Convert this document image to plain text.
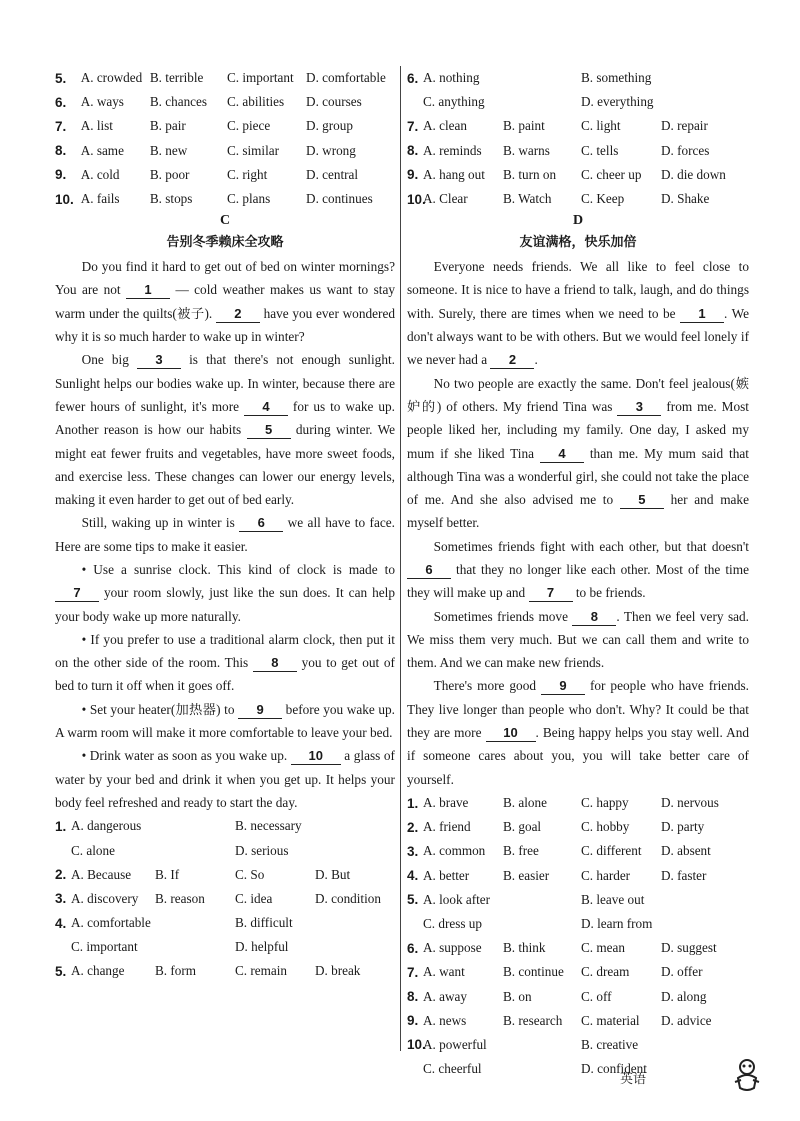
5.	A. crowded B. terrible	C. important D. comfortable
6.	A. ways	B. chances	C. abilities	D. courses
7.	A. list	B. pair	C. piece	D. group
8.	A. same	B. new	C. similar	D. wrong
9.	A. cold	B. poor	C. right	D. central
10. A. fails	B. stops	C. plans	D. continues
C
告别冬季赖床全攻略

Do you find it hard to get out of bed on winter mornings? You are not 1 — cold weather makes us want to stay warm under the quilts(被子). 2 have you ever wondered why it is so much harder to wake up in winter?

One big 3 is that there's not enough sunlight. Sunlight helps our bodies wake up. In winter, because there are fewer hours of sunlight, it's more 4 for us to wake up. Another reason is how our habits 5 during winter. We might eat fewer fruits and vegetables, have more sweet foods, and exercise less. These changes can lower our energy levels, making it even harder to get out of bed early.

Still, waking up in winter is 6 we all have to face. Here are some tips to make it easier.

• Use a sunrise clock. This kind of clock is made to 7 your room slowly, just like the sun does. It can help your body wake up more naturally.

• If you prefer to use a traditional alarm clock, then put it on the other side of the room. This 8 you to get out of bed to turn it off when it goes off.

• Set your heater(加热器) to 9 before you wake up. A warm room will make it more comfortable to leave your bed.

• Drink water as soon as you wake up. 10 a glass of water by your bed and drink it when you get up. It helps your body feel refreshed and ready to start the day.

1. A. dangerous	B. necessary
C. alone	D. serious
2. A. Because	B. If	C. So	D. But
3. A. discovery	B. reason	C. idea	D. condition
4. A. comfortable	B. difficult
C. important	D. helpful
5. A. change	B. form	C. remain	D. break
6. A. nothing	B. something
C. anything	D. everything
7. A. clean	B. paint	C. light	D. repair
8. A. reminds	B. warns	C. tells	D. forces
9. A. hang out	B. turn on	C. cheer up	D. die down
10.
A. Clear	B. Watch	C. Keep	D. Shake
D
友谊满格，快乐加倍

Everyone needs friends. We all like to feel close to someone. It is nice to have a friend to talk, laugh, and do things with. Surely, there are times when we need to be 1 . We don't always want to be with others. But we would feel lonely if we never had a 2 .

No two people are exactly the same. Don't feel jealous(嫉妒的) of others. My friend Tina was 3 from me. Most people liked her, including my family. One day, I asked my mum if she liked Tina 4 than me. My mum said that although Tina was a wonderful girl, she could not take the place of me. And she also advised me to 5 her and make myself better.

Sometimes friends fight with each other, but that doesn't 6 that they no longer like each other. Most of the time they will make up and 7 to be friends.

Sometimes friends move 8 . Then we feel very sad. We miss them very much. But we can call them and write to them. And we can make new friends.

There's more good 9 for people who have friends. They live longer than people who don't. Why? It could be that they are more 10 . Being happy helps you stay well. And if someone cares about you, you will take better care of yourself.

1. A. brave	B. alone	C. happy	D. nervous
2. A. friend	B. goal	C. hobby	D. party
3. A. common	B. free	C. different	D. absent
4. A. better	B. easier	C. harder	D. faster
5. A. look after	B. leave out
C. dress up	D. learn from
6. A. suppose	B. think	C. mean	D. suggest
7. A. want	B. continue	C. dream	D. offer
8. A. away	B. on	C. off	D. along
9. A. news	B. research	C. material	D. advice
10.
A. powerful	B. creative
C. cheerful	D. confident
英语
